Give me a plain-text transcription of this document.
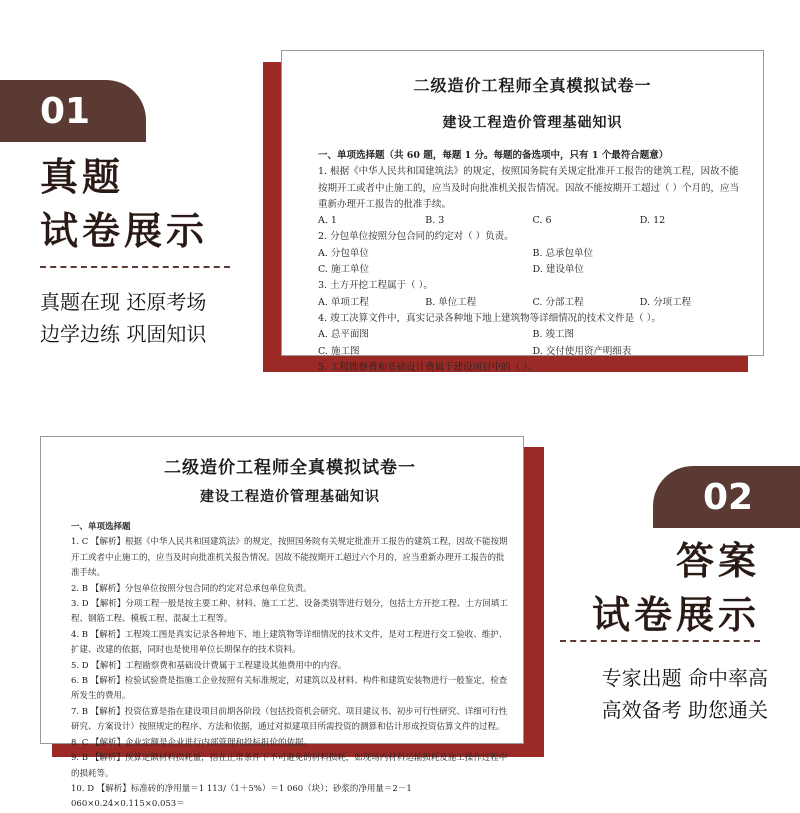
01
真题
试卷展示
真题在现 还原考场
边学边练 巩固知识
二级造价工程师全真模拟试卷一
建设工程造价管理基础知识
一、单项选择题（共 60 题，每题 1 分。每题的备选项中，只有 1 个最符合题意）
1. 根据《中华人民共和国建筑法》的规定，按照国务院有关规定批准开工报告的建筑工程，因故不能按期开工或者中止施工的，应当及时向批准机关报告情况。因故不能按期开工超过（ ）个月的，应当重新办理开工报告的批准手续。
A. 1	B. 3	C. 6	D. 12
2. 分包单位按照分包合同的约定对（ ）负责。
A. 分包单位	B. 总承包单位
C. 施工单位	D. 建设单位
3. 土方开挖工程属于（ ）。
A. 单项工程	B. 单位工程	C. 分部工程	D. 分项工程
4. 竣工决算文件中，真实记录各种地下地上建筑物等详细情况的技术文件是（ ）。
A. 总平面图	B. 竣工图
C. 施工图	D. 交付使用资产明细表
5. 工程勘察费和基础设计费属于建设项目中的（ ）。
二级造价工程师全真模拟试卷一
建设工程造价管理基础知识
一、单项选择题
1. C 【解析】根据《中华人民共和国建筑法》的规定，按照国务院有关规定批准开工报告的建筑工程，因故不能按期开工或者中止施工的，应当及时向批准机关报告情况。因故不能按期开工超过六个月的，应当重新办理开工报告的批准手续。
2. B 【解析】分包单位按照分包合同的约定对总承包单位负责。
3. D 【解析】分项工程一般是按主要工种、材料、施工工艺、设备类别等进行划分，包括土方开挖工程、土方回填工程、钢筋工程、模板工程、混凝土工程等。
4. B 【解析】工程竣工图是真实记录各种地下、地上建筑物等详细情况的技术文件，是对工程进行交工验收、维护、扩建、改建的依据，同时也是使用单位长期保存的技术资料。
5. D 【解析】工程勘察费和基础设计费属于工程建设其他费用中的内容。
6. B 【解析】检验试验费是指施工企业按照有关标准规定，对建筑以及材料、构件和建筑安装物进行一般鉴定，检查所发生的费用。
7. B 【解析】投资估算是指在建设项目前期各阶段（包括投资机会研究、项目建议书、初步可行性研究、详细可行性研究、方案设计）按照规定的程序、方法和依据，通过对拟建项目所需投资的测算和估计形成投资估算文件的过程。
8. C 【解析】企业定额是企业进行内部管理和投标报价的依据。
9. B 【解析】预算定额材料损耗量，指在正常条件下不可避免的材料损耗，如现场内材料运输损耗及施工操作过程中的损耗等。
10. D 【解析】标准砖的净用量＝1 113/（1＋5%）＝1 060（块）；砂浆的净用量＝2－1 060×0.24×0.115×0.053＝
02
答案
试卷展示
专家出题 命中率高
高效备考 助您通关
